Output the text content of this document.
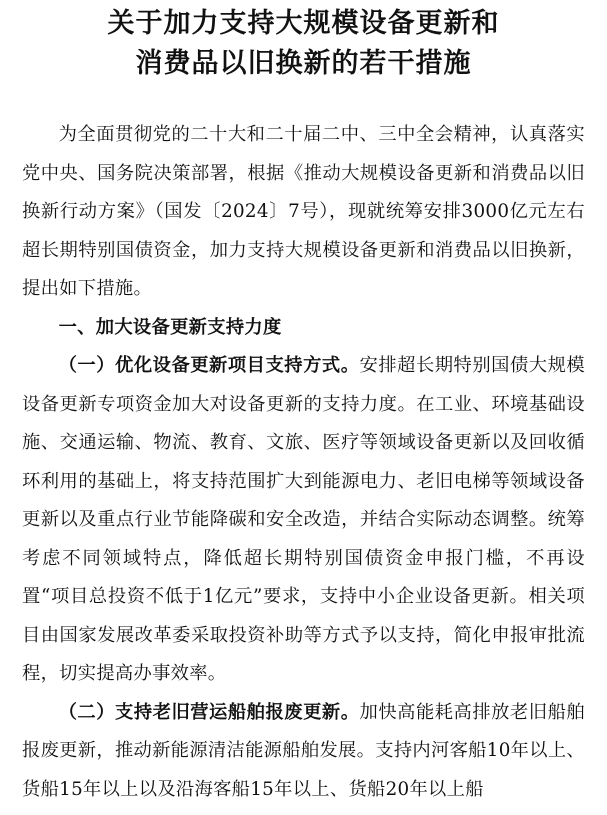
关于加力支持大规模设备更新和
消费品以旧换新的若干措施

为全面贯彻党的二十大和二十届二中、三中全会精神，认真落实党中央、国务院决策部署，根据《推动大规模设备更新和消费品以旧换新行动方案》（国发〔2024〕7号），现就统筹安排3000亿元左右超长期特别国债资金，加力支持大规模设备更新和消费品以旧换新，提出如下措施。

一、加大设备更新支持力度

（一）优化设备更新项目支持方式。安排超长期特别国债大规模设备更新专项资金加大对设备更新的支持力度。在工业、环境基础设施、交通运输、物流、教育、文旅、医疗等领域设备更新以及回收循环利用的基础上，将支持范围扩大到能源电力、老旧电梯等领域设备更新以及重点行业节能降碳和安全改造，并结合实际动态调整。统筹考虑不同领域特点，降低超长期特别国债资金申报门槛，不再设置“项目总投资不低于1亿元”要求，支持中小企业设备更新。相关项目由国家发展改革委采取投资补助等方式予以支持，简化申报审批流程，切实提高办事效率。

（二）支持老旧营运船舶报废更新。加快高能耗高排放老旧船舶报废更新，推动新能源清洁能源船舶发展。支持内河客船10年以上、货船15年以上以及沿海客船15年以上、货船20年以上船
